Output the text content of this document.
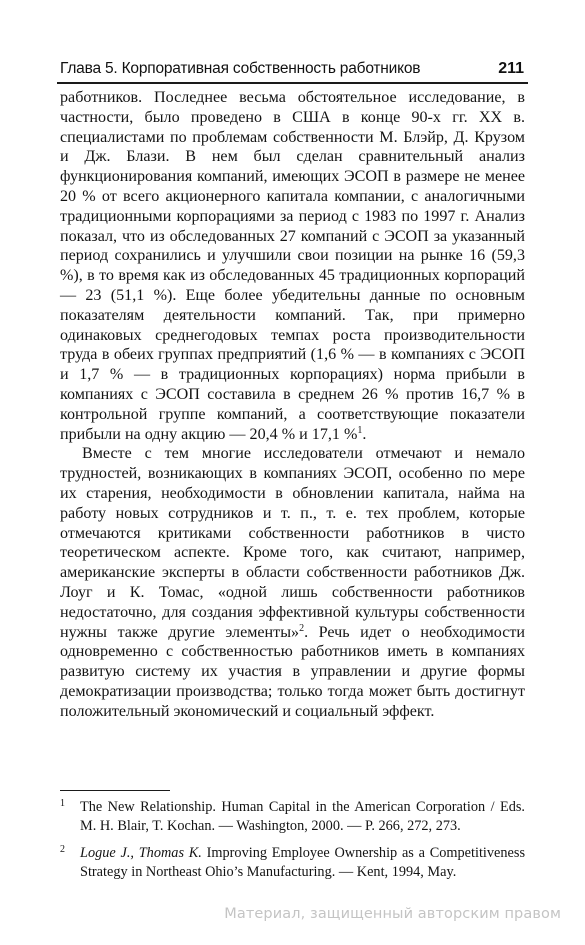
Глава 5. Корпоративная собственность работников	211

работников. Последнее весьма обстоятельное исследование, в частности, было проведено в США в конце 90-х гг. XX в. специалистами по проблемам собственности М. Блэйр, Д. Крузом и Дж. Блази. В нем был сделан сравнительный анализ функционирования компаний, имеющих ЭСОП в размере не менее 20 % от всего акционерного капитала компании, с аналогичными традиционными корпорациями за период с 1983 по 1997 г. Анализ показал, что из обследованных 27 компаний с ЭСОП за указанный период сохранились и улучшили свои позиции на рынке 16 (59,3 %), в то время как из обследованных 45 традиционных корпораций — 23 (51,1 %). Еще более убедительны данные по основным показателям деятельности компаний. Так, при примерно одинаковых среднегодовых темпах роста производительности труда в обеих группах предприятий (1,6 % — в компаниях с ЭСОП и 1,7 % — в традиционных корпорациях) норма прибыли в компаниях с ЭСОП составила в среднем 26 % против 16,7 % в контрольной группе компаний, а соответствующие показатели прибыли на одну акцию — 20,4 % и 17,1 %$^1$.

Вместе с тем многие исследователи отмечают и немало трудностей, возникающих в компаниях ЭСОП, особенно по мере их старения, необходимости в обновлении капитала, найма на работу новых сотрудников и т. п., т. е. тех проблем, которые отмечаются критиками собственности работников в чисто теоретическом аспекте. Кроме того, как считают, например, американские эксперты в области собственности работников Дж. Лоуг и К. Томас, «одной лишь собственности работников недостаточно, для создания эффективной культуры собственности нужны также другие элементы»$^2$. Речь идет о необходимости одновременно с собственностью работников иметь в компаниях развитую систему их участия в управлении и другие формы демократизации производства; только тогда может быть достигнут положительный экономический и социальный эффект.

1 The New Relationship. Human Capital in the American Corporation / Eds. M. H. Blair, T. Kochan. — Washington, 2000. — P. 266, 272, 273.

2 Logue J., Thomas K. Improving Employee Ownership as a Competitiveness Strategy in Northeast Ohio’s Manufacturing. — Kent, 1994, May.

Материал, защищенный авторским правом
